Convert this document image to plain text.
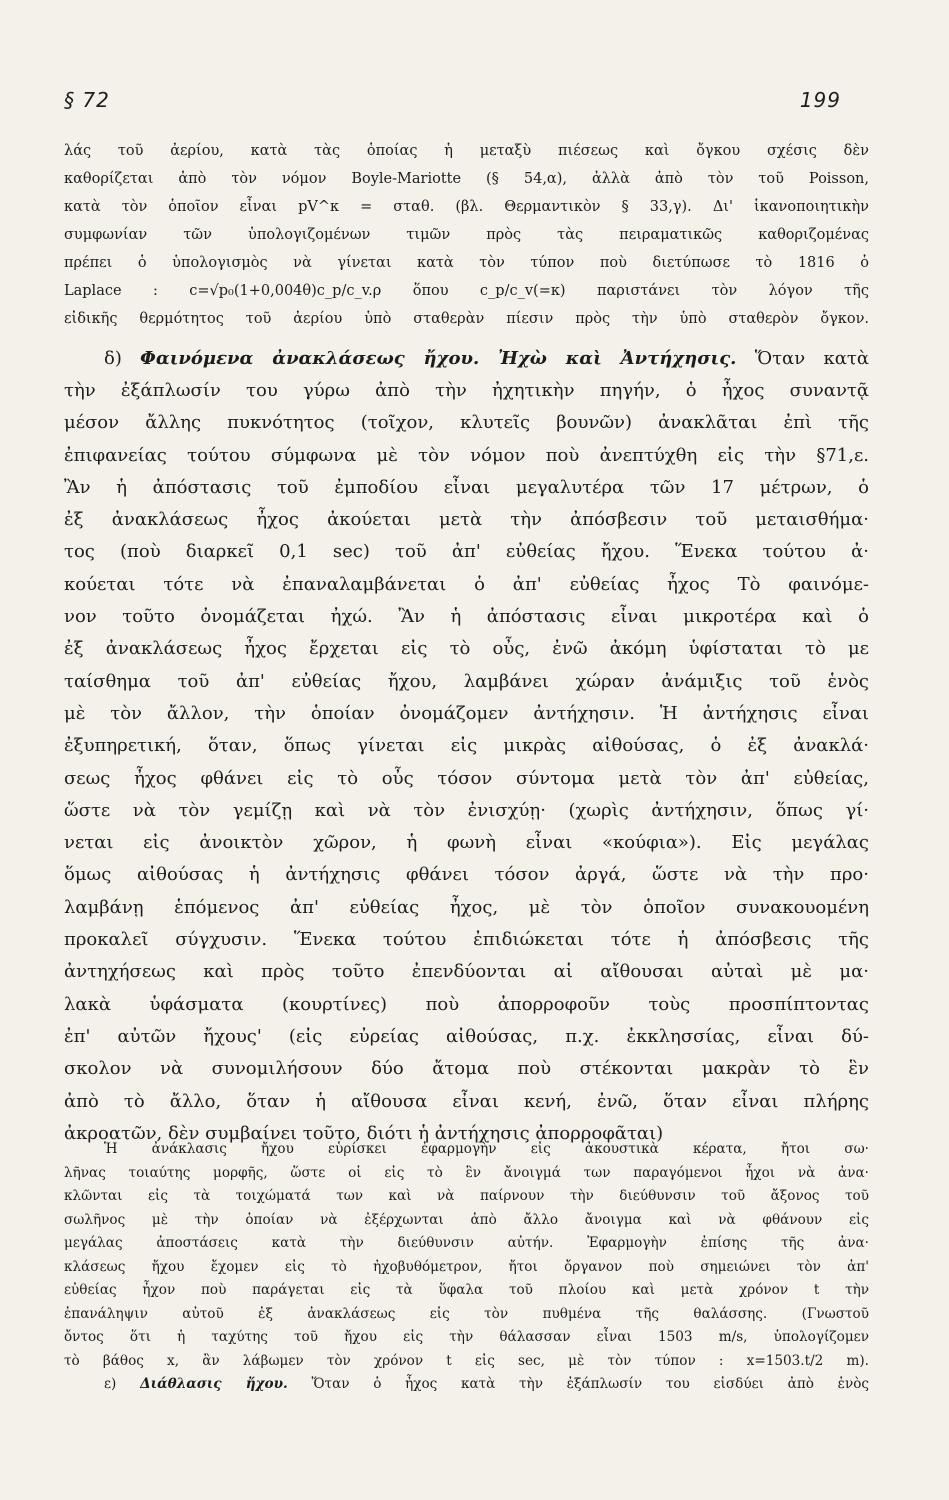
§ 72	199
λάς τοῦ ἀερίου, κατὰ τὰς ὁποίας ἡ μεταξὺ πιέσεως καὶ ὄγκου σχέσις δὲν
καθορίζεται ἀπὸ τὸν νόμον Boyle-Mariotte (§ 54,α), ἀλλὰ ἀπὸ τὸν τοῦ Poisson,
κατὰ τὸν ὁποῖον εἶναι pV^κ = σταθ. (βλ. Θερμαντικὸν § 33,γ). Δι' ἱκανοποιητικὴν
συμφωνίαν τῶν ὑπολογιζομένων τιμῶν πρὸς τὰς πειραματικῶς καθοριζομένας
πρέπει ὁ ὑπολογισμὸς νὰ γίνεται κατὰ τὸν τύπον ποὺ διετύπωσε τὸ 1816 ὁ
Laplace : c=√p₀(1+0,004θ)c_p/c_v.ρ ὅπου c_p/c_v(=κ) παριστάνει τὸν λόγον τῆς
εἰδικῆς θερμότητος τοῦ ἀερίου ὑπὸ σταθερὰν πίεσιν πρὸς τὴν ὑπὸ σταθερὸν ὄγκον.
δ) Φαινόμενα ἀνακλάσεως ἤχου. Ἠχὼ καὶ Ἀντήχησις. Ὅταν κατὰ
τὴν ἐξάπλωσίν του γύρω ἀπὸ τὴν ἠχητικὴν πηγήν, ὁ ἦχος συναντᾷ
μέσον ἄλλης πυκνότητος (τοῖχον, κλυτεῖς βουνῶν) ἀνακλᾶται ἐπὶ τῆς
ἐπιφανείας τούτου σύμφωνα μὲ τὸν νόμον ποὺ ἀνεπτύχθη εἰς τὴν §71,ε.
Ἂν ἡ ἀπόστασις τοῦ ἐμποδίου εἶναι μεγαλυτέρα τῶν 17 μέτρων, ὁ
ἐξ ἀνακλάσεως ἦχος ἀκούεται μετὰ τὴν ἀπόσβεσιν τοῦ μεταισθήμα·
τος (ποὺ διαρκεῖ 0,1 sec) τοῦ ἀπ' εὐθείας ἤχου. Ἕνεκα τούτου ἀ·
κούεται τότε νὰ ἐπαναλαμβάνεται ὁ ἀπ' εὐθείας ἦχος Τὸ φαινόμε-
νον τοῦτο ὀνομάζεται ἠχώ. Ἂν ἡ ἀπόστασις εἶναι μικροτέρα καὶ ὁ
ἐξ ἀνακλάσεως ἦχος ἔρχεται εἰς τὸ οὖς, ἐνῶ ἀκόμη ὑφίσταται τὸ με
ταίσθημα τοῦ ἀπ' εὐθείας ἤχου, λαμβάνει χώραν ἀνάμιξις τοῦ ἑνὸς
μὲ τὸν ἄλλον, τὴν ὁποίαν ὀνομάζομεν ἀντήχησιν. Ἡ ἀντήχησις εἶναι
ἐξυπηρετική, ὅταν, ὅπως γίνεται εἰς μικρὰς αἰθούσας, ὁ ἐξ ἀνακλά·
σεως ἦχος φθάνει εἰς τὸ οὖς τόσον σύντομα μετὰ τὸν ἀπ' εὐθείας,
ὥστε νὰ τὸν γεμίζῃ καὶ νὰ τὸν ἐνισχύῃ· (χωρὶς ἀντήχησιν, ὅπως γί·
νεται εἰς ἀνοικτὸν χῶρον, ἡ φωνὴ εἶναι «κούφια»). Εἰς μεγάλας
ὅμως αἰθούσας ἡ ἀντήχησις φθάνει τόσον ἀργά, ὥστε νὰ τὴν προ·
λαμβάνῃ ἑπόμενος ἀπ' εὐθείας ἦχος, μὲ τὸν ὁποῖον συνακουομένη
προκαλεῖ σύγχυσιν. Ἕνεκα τούτου ἐπιδιώκεται τότε ἡ ἀπόσβεσις τῆς
ἀντηχήσεως καὶ πρὸς τοῦτο ἐπενδύονται αἱ αἴθουσαι αὐταὶ μὲ μα·
λακὰ ὑφάσματα (κουρτίνες) ποὺ ἀπορροφοῦν τοὺς προσπίπτοντας
ἐπ' αὐτῶν ἤχους' (εἰς εὐρείας αἰθούσας, π.χ. ἐκκλησσίας, εἶναι δύ-
σκολον νὰ συνομιλήσουν δύο ἄτομα ποὺ στέκονται μακρὰν τὸ ἓν
ἀπὸ τὸ ἄλλο, ὅταν ἡ αἴθουσα εἶναι κενή, ἐνῶ, ὅταν εἶναι πλήρης
ἀκροατῶν, δὲν συμβαίνει τοῦτο, διότι ἡ ἀντήχησις ἀπορροφᾶται)
Ἡ ἀνάκλασις ἤχου εὑρίσκει ἐφαρμογὴν εἰς ἀκουστικὰ κέρατα, ἤτοι σω·
λῆνας τοιαύτης μορφῆς, ὥστε οἱ εἰς τὸ ἓν ἄνοιγμά των παραγόμενοι ἦχοι νὰ ἀνα·
κλῶνται εἰς τὰ τοιχώματά των καὶ νὰ παίρνουν τὴν διεύθυνσιν τοῦ ἄξονος τοῦ
σωλῆνος μὲ τὴν ὁποίαν νὰ ἐξέρχωνται ἀπὸ ἄλλο ἄνοιγμα καὶ νὰ φθάνουν εἰς
μεγάλας ἀποστάσεις κατὰ τὴν διεύθυνσιν αὐτήν. Ἐφαρμογὴν ἐπίσης τῆς ἀνα·
κλάσεως ἤχου ἔχομεν εἰς τὸ ἠχοβυθόμετρον, ἤτοι ὄργανον ποὺ σημειώνει τὸν ἀπ'
εὐθείας ἦχον ποὺ παράγεται εἰς τὰ ὕφαλα τοῦ πλοίου καὶ μετὰ χρόνον t τὴν
ἐπανάληψιν αὐτοῦ ἐξ ἀνακλάσεως εἰς τὸν πυθμένα τῆς θαλάσσης. (Γνωστοῦ
ὄντος ὅτι ἡ ταχύτης τοῦ ἤχου εἰς τὴν θάλασσαν εἶναι 1503 m/s, ὑπολογίζομεν
τὸ βάθος x, ἂν λάβωμεν τὸν χρόνον t εἰς sec, μὲ τὸν τύπον : x=1503.t/2 m).
ε) Διάθλασις ἤχου. Ὅταν ὁ ἦχος κατὰ τὴν ἐξάπλωσίν του εἰσδύει ἀπὸ ἑνὸς
